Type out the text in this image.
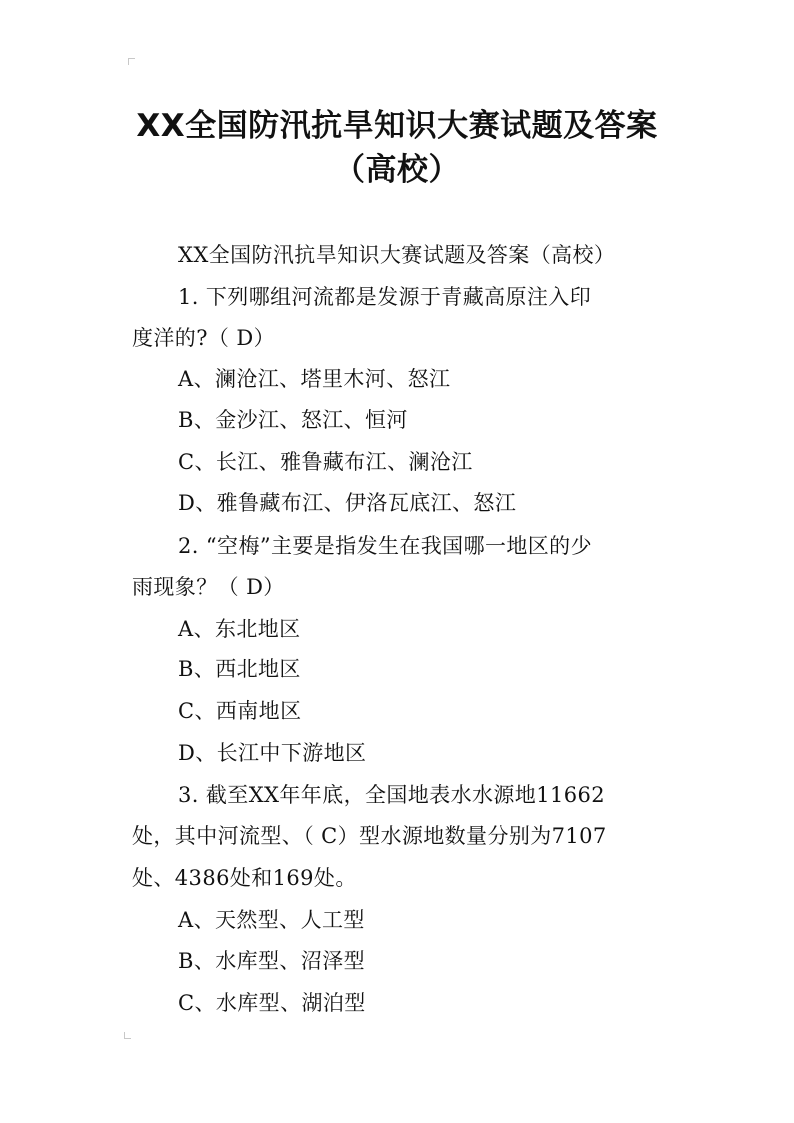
XX全国防汛抗旱知识大赛试题及答案
（高校）

XX全国防汛抗旱知识大赛试题及答案（高校）

1. 下列哪组河流都是发源于青藏高原注入印

度洋的?（ D）

A、澜沧江、塔里木河、怒江

B、金沙江、怒江、恒河

C、长江、雅鲁藏布江、澜沧江

D、雅鲁藏布江、伊洛瓦底江、怒江

2. “空梅”主要是指发生在我国哪一地区的少

雨现象？（ D）

A、东北地区

B、西北地区

C、西南地区

D、长江中下游地区

3. 截至XX年年底，全国地表水水源地11662

处，其中河流型、（ C）型水源地数量分别为7107

处、4386处和169处。

A、天然型、人工型

B、水库型、沼泽型

C、水库型、湖泊型
